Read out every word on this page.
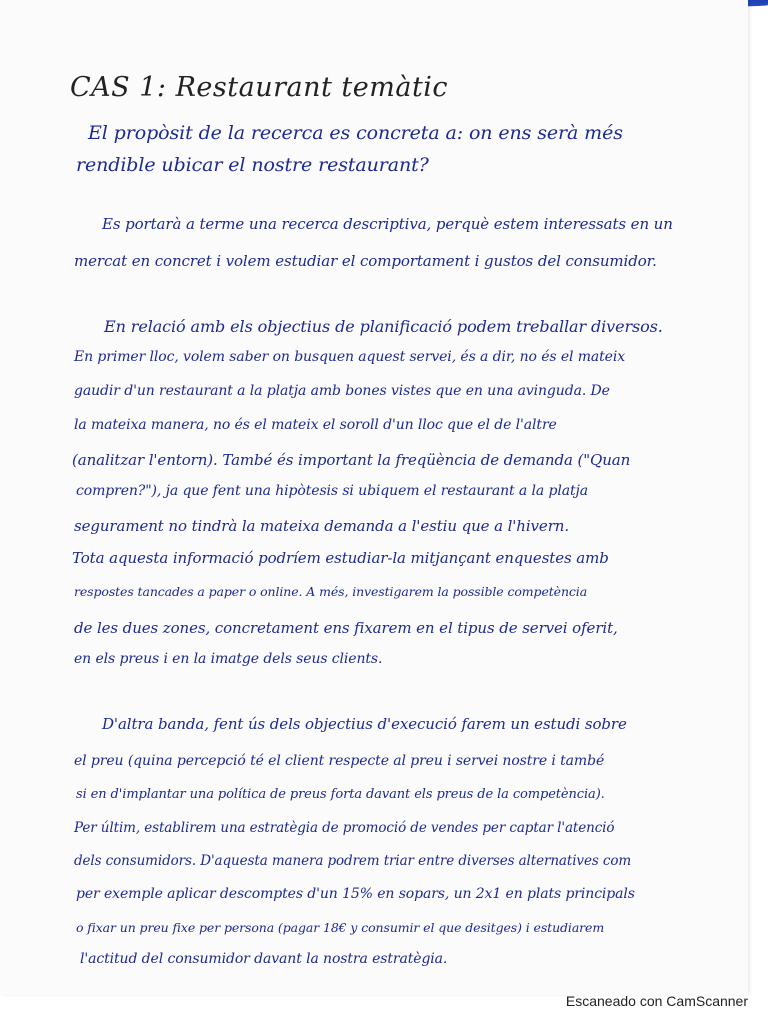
CAS 1: Restaurant temàtic
El propòsit de la recerca es concreta a: on ens serà més
rendible ubicar el nostre restaurant?
Es portarà a terme una recerca descriptiva, perquè estem interessats en un
mercat en concret i volem estudiar el comportament i gustos del consumidor.
En relació amb els objectius de planificació podem treballar diversos.
En primer lloc, volem saber on busquen aquest servei, és a dir, no és el mateix
gaudir d'un restaurant a la platja amb bones vistes que en una avinguda. De
la mateixa manera, no és el mateix el soroll d'un lloc que el de l'altre
(analitzar l'entorn). També és important la freqüència de demanda ("Quan
compren?"), ja que fent una hipòtesis si ubiquem el restaurant a la platja
segurament no tindrà la mateixa demanda a l'estiu que a l'hivern.
Tota aquesta informació podríem estudiar-la mitjançant enquestes amb
respostes tancades a paper o online. A més, investigarem la possible competència
de les dues zones, concretament ens fixarem en el tipus de servei oferit,
en els preus i en la imatge dels seus clients.
D'altra banda, fent ús dels objectius d'execució farem un estudi sobre
el preu (quina percepció té el client respecte al preu i servei nostre i també
si en d'implantar una política de preus forta davant els preus de la competència).
Per últim, establirem una estratègia de promoció de vendes per captar l'atenció
dels consumidors. D'aquesta manera podrem triar entre diverses alternatives com
per exemple aplicar descomptes d'un 15% en sopars, un 2x1 en plats principals
o fixar un preu fixe per persona (pagar 18€ y consumir el que desitges) i estudiarem
l'actitud del consumidor davant la nostra estratègia.
Escaneado con CamScanner
